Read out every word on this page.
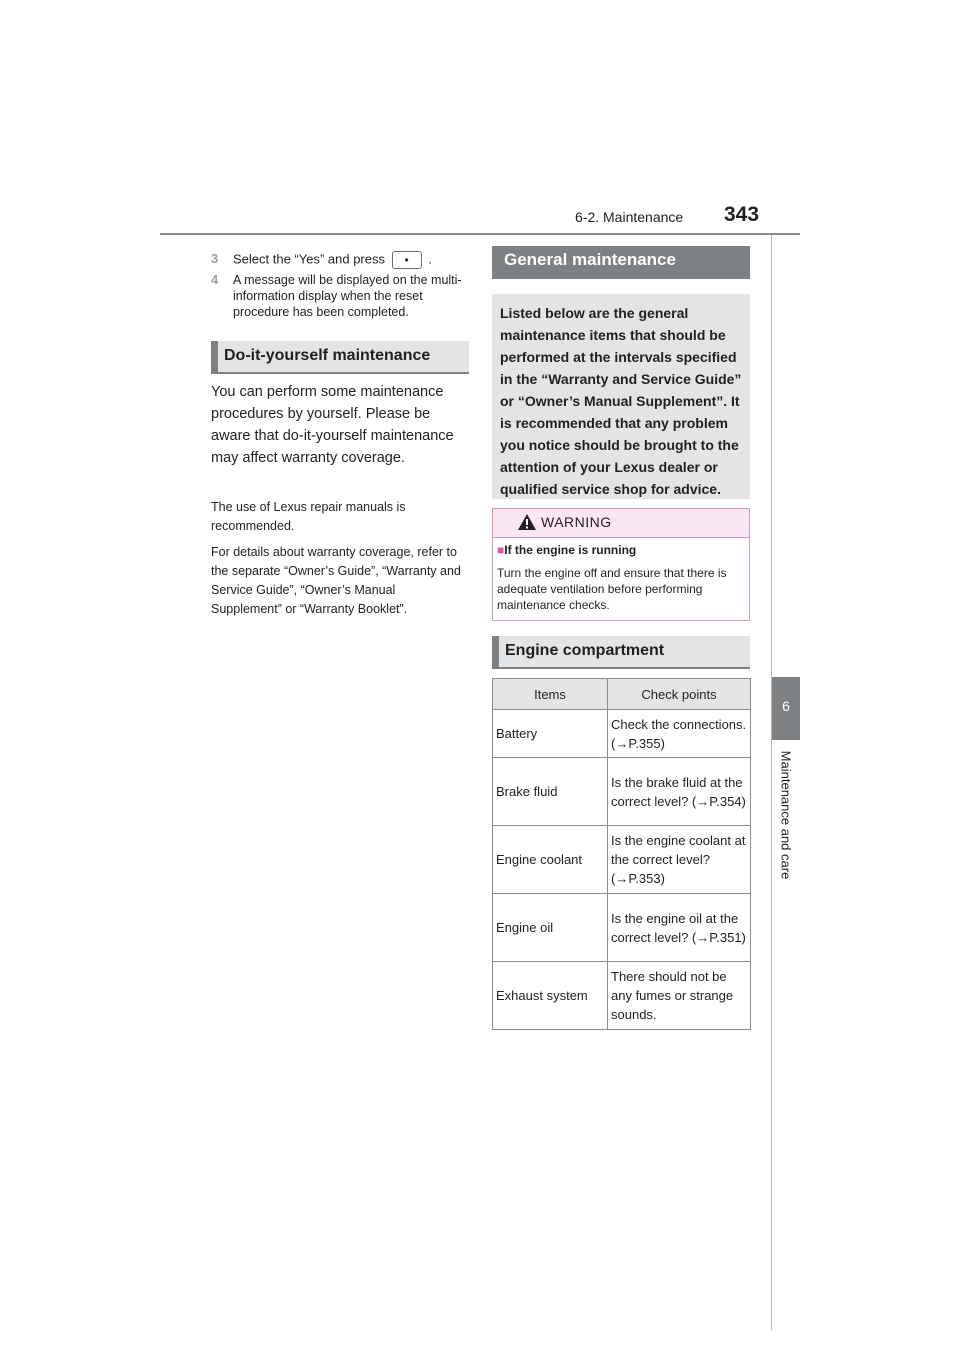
6-2. Maintenance 343
6
Maintenance and care
3 Select the “Yes” and press • .
4 A message will be displayed on the multi-information display when the reset procedure has been completed.
Do-it-yourself maintenance
You can perform some maintenance procedures by yourself. Please be aware that do-it-yourself maintenance may affect warranty coverage.
The use of Lexus repair manuals is recommended.
For details about warranty coverage, refer to the separate “Owner’s Guide”, “Warranty and Service Guide”, “Owner’s Manual Supplement” or “Warranty Booklet”.
General maintenance
Listed below are the general maintenance items that should be performed at the intervals specified in the “Warranty and Service Guide” or “Owner’s Manual Supplement”. It is recommended that any problem you notice should be brought to the attention of your Lexus dealer or qualified service shop for advice.
WARNING
■If the engine is running
Turn the engine off and ensure that there is adequate ventilation before performing maintenance checks.
Engine compartment
Items	Check points
Battery	Check the connections. (→P.355)
Brake fluid	Is the brake fluid at the correct level? (→P.354)
Engine coolant	Is the engine coolant at the correct level? (→P.353)
Engine oil	Is the engine oil at the correct level? (→P.351)
Exhaust system	There should not be any fumes or strange sounds.
